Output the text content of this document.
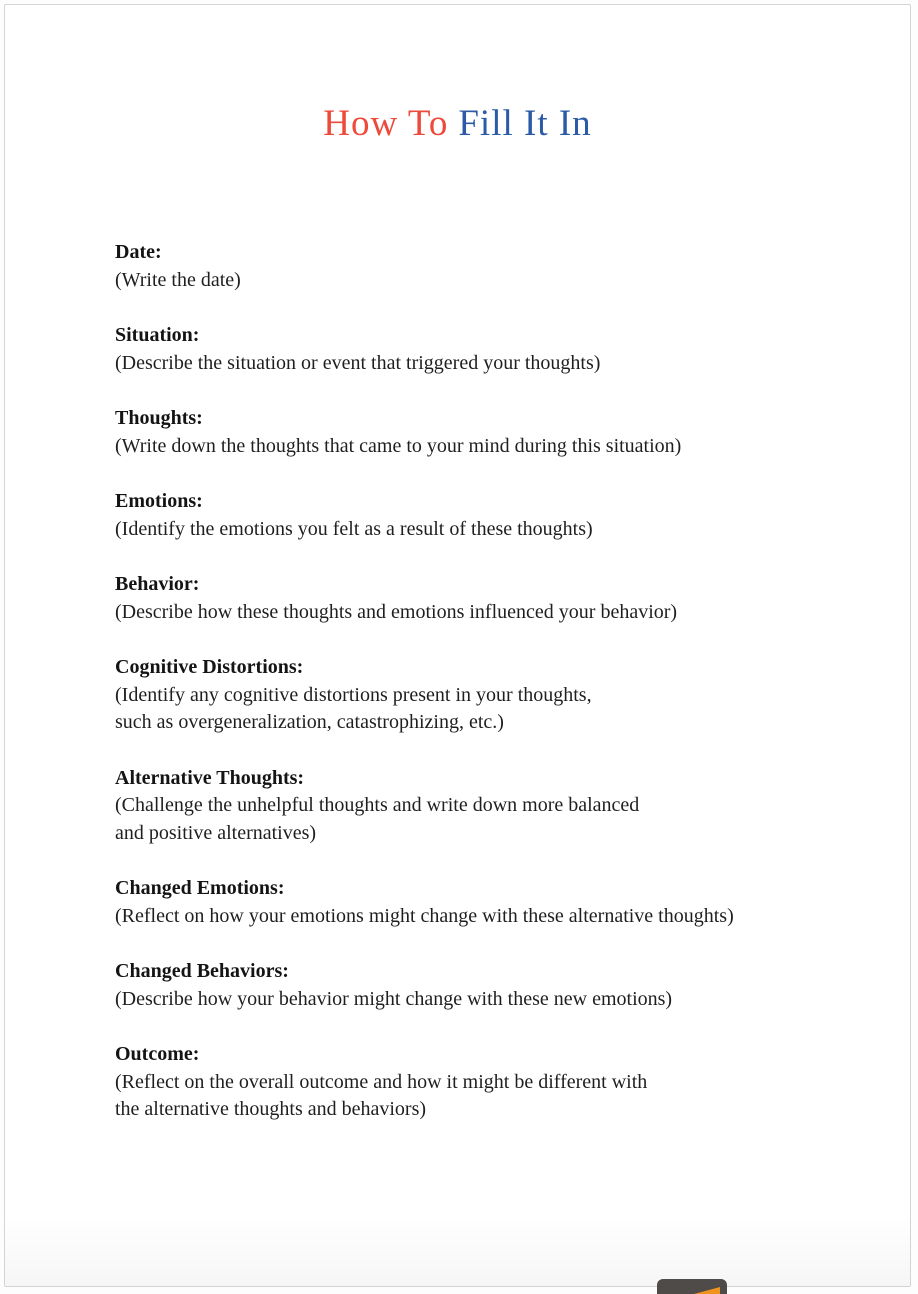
How To Fill It In
Date:
(Write the date)
Situation:
(Describe the situation or event that triggered your thoughts)
Thoughts:
(Write down the thoughts that came to your mind during this situation)
Emotions:
(Identify the emotions you felt as a result of these thoughts)
Behavior:
(Describe how these thoughts and emotions influenced your behavior)
Cognitive Distortions:
(Identify any cognitive distortions present in your thoughts,
such as overgeneralization, catastrophizing, etc.)
Alternative Thoughts:
(Challenge the unhelpful thoughts and write down more balanced
and positive alternatives)
Changed Emotions:
(Reflect on how your emotions might change with these alternative thoughts)
Changed Behaviors:
(Describe how your behavior might change with these new emotions)
Outcome:
(Reflect on the overall outcome and how it might be different with
the alternative thoughts and behaviors)
